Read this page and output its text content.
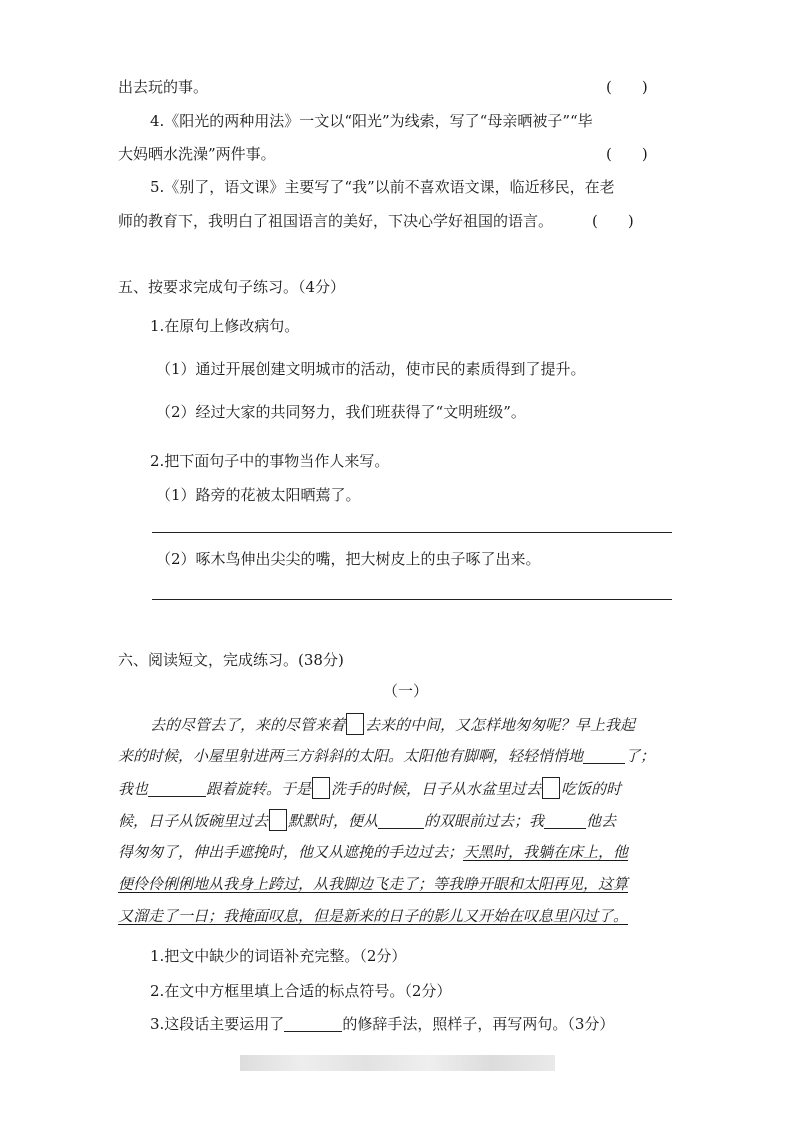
出去玩的事。	(　　)
4.《阳光的两种用法》一文以“阳光”为线索，写了“母亲晒被子”“毕
大妈晒水洗澡”两件事。	(　　)
5.《别了，语文课》主要写了“我”以前不喜欢语文课，临近移民，在老
师的教育下，我明白了祖国语言的美好，下决心学好祖国的语言。	(　　)
五、按要求完成句子练习。（4分）
1.在原句上修改病句。
（1）通过开展创建文明城市的活动，使市民的素质得到了提升。
（2）经过大家的共同努力，我们班获得了“文明班级”。
2.把下面句子中的事物当作人来写。
（1）路旁的花被太阳晒蔫了。
（2）啄木鸟伸出尖尖的嘴，把大树皮上的虫子啄了出来。
六、阅读短文，完成练习。(38分)
（一）
去的尽管去了，来的尽管来着 去来的中间，又怎样地匆匆呢？早上我起
来的时候，小屋里射进两三方斜斜的太阳。太阳他有脚啊，轻轻悄悄地	了；
我也	跟着旋转。于是 洗手的时候，日子从水盆里过去 吃饭的时
候，日子从饭碗里过去 默默时，便从	的双眼前过去；我	他去
得匆匆了，伸出手遮挽时，他又从遮挽的手边过去；天黑时，我躺在床上，他
便伶伶俐俐地从我身上跨过，从我脚边飞走了；等我睁开眼和太阳再见，这算
又溜走了一日；我掩面叹息，但是新来的日子的影儿又开始在叹息里闪过了。
1.把文中缺少的词语补充完整。（2分）
2.在文中方框里填上合适的标点符号。（2分）
3.这段话主要运用了	的修辞手法，照样子，再写两句。（3分）
